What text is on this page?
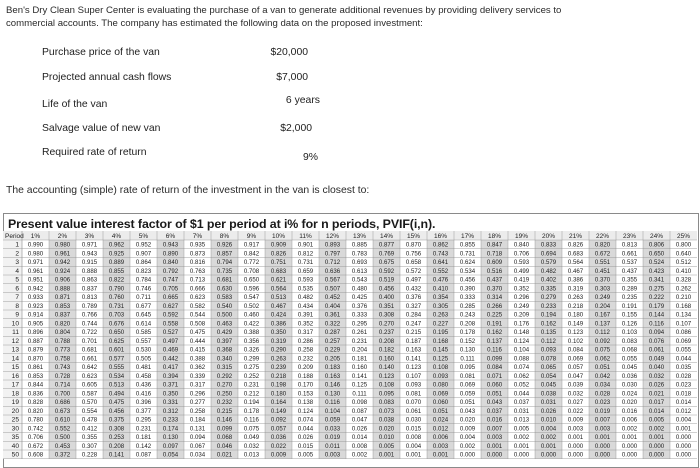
Ben's Dry Clean Super Center is evaluating the purchase of a van to generate additional revenues by providing delivery services to
commercial accounts. The company has estimated the following data on the proposed investment:
Purchase price of the van	$20,000
Projected annual cash flows	$7,000
Life of the van	6 years
Salvage value of new van	$2,000
Required rate of return	9%
The accounting (simple) rate of return of the investment in the van is closest to:
Present value interest factor of $1 per period at i% for n periods, PVIF(i,n).
Period 1%	2%	3%	4%	5%	6%	7%	8%	9% 10% 11% 12% 13% 14% 15% 16% 17% 18% 19% 20% 21% 22% 23% 24% 25%
1 0.990 0.980 0.971 0.962 0.952 0.943 0.935 0.926 0.917 0.909 0.901 0.893 0.885 0.877 0.870 0.862 0.855 0.847 0.840 0.833 0.826 0.820 0.813 0.806 0.800
2 0.980 0.961 0.943 0.925 0.907 0.890 0.873 0.857 0.842 0.826 0.812 0.797 0.783 0.769 0.756 0.743 0.731 0.718 0.706 0.694 0.683 0.672 0.661 0.650 0.640
3 0.971 0.942 0.915 0.889 0.864 0.840 0.816 0.794 0.772 0.751 0.731 0.712 0.693 0.675 0.658 0.641 0.624 0.609 0.593 0.579 0.564 0.551 0.537 0.524 0.512
4 0.961 0.924 0.888 0.855 0.823 0.792 0.763 0.735 0.708 0.683 0.659 0.636 0.613 0.592 0.572 0.552 0.534 0.516 0.499 0.482 0.467 0.451 0.437 0.423 0.410
5 0.951 0.906 0.863 0.822 0.784 0.747 0.713 0.681 0.650 0.621 0.593 0.567 0.543 0.519 0.497 0.476 0.456 0.437 0.419 0.402 0.386 0.370 0.355 0.341 0.328
6 0.942 0.888 0.837 0.790 0.746 0.705 0.666 0.630 0.596 0.564 0.535 0.507 0.480 0.456 0.432 0.410 0.390 0.370 0.352 0.335 0.319 0.303 0.289 0.275 0.262
7 0.933 0.871 0.813 0.760 0.711 0.665 0.623 0.583 0.547 0.513 0.482 0.452 0.425 0.400 0.376 0.354 0.333 0.314 0.296 0.279 0.263 0.249 0.235 0.222 0.210
8 0.923 0.853 0.789 0.731 0.677 0.627 0.582 0.540 0.502 0.467 0.434 0.404 0.376 0.351 0.327 0.305 0.285 0.266 0.249 0.233 0.218 0.204 0.191 0.179 0.168
9 0.914 0.837 0.766 0.703 0.645 0.592 0.544 0.500 0.460 0.424 0.391 0.361 0.333 0.308 0.284 0.263 0.243 0.225 0.209 0.194 0.180 0.167 0.155 0.144 0.134
10 0.905 0.820 0.744 0.676 0.614 0.558 0.508 0.463 0.422 0.386 0.352 0.322 0.295 0.270 0.247 0.227 0.208 0.191 0.176 0.162 0.149 0.137 0.126 0.116 0.107
11 0.896 0.804 0.722 0.650 0.585 0.527 0.475 0.429 0.388 0.350 0.317 0.287 0.261 0.237 0.215 0.195 0.178 0.162 0.148 0.135 0.123 0.112 0.103 0.094 0.086
12 0.887 0.788 0.701 0.625 0.557 0.497 0.444 0.397 0.356 0.319 0.286 0.257 0.231 0.208 0.187 0.168 0.152 0.137 0.124 0.112 0.102 0.092 0.083 0.076 0.069
13 0.879 0.773 0.681 0.601 0.530 0.469 0.415 0.368 0.326 0.290 0.258 0.229 0.204 0.182 0.163 0.145 0.130 0.116 0.104 0.093 0.084 0.075 0.068 0.061 0.055
14 0.870 0.758 0.661 0.577 0.505 0.442 0.388 0.340 0.299 0.263 0.232 0.205 0.181 0.160 0.141 0.125 0.111 0.099 0.088 0.078 0.069 0.062 0.055 0.049 0.044
15 0.861 0.743 0.642 0.555 0.481 0.417 0.362 0.315 0.275 0.239 0.209 0.183 0.160 0.140 0.123 0.108 0.095 0.084 0.074 0.065 0.057 0.051 0.045 0.040 0.035
16 0.853 0.728 0.623 0.534 0.458 0.394 0.339 0.292 0.252 0.218 0.188 0.163 0.141 0.123 0.107 0.093 0.081 0.071 0.062 0.054 0.047 0.042 0.036 0.032 0.028
17 0.844 0.714 0.605 0.513 0.436 0.371 0.317 0.270 0.231 0.198 0.170 0.146 0.125 0.108 0.093 0.080 0.069 0.060 0.052 0.045 0.039 0.034 0.030 0.026 0.023
18 0.836 0.700 0.587 0.494 0.416 0.350 0.296 0.250 0.212 0.180 0.153 0.130 0.111 0.095 0.081 0.069 0.059 0.051 0.044 0.038 0.032 0.028 0.024 0.021 0.018
19 0.828 0.686 0.570 0.475 0.396 0.331 0.277 0.232 0.194 0.164 0.138 0.116 0.098 0.083 0.070 0.060 0.051 0.043 0.037 0.031 0.027 0.023 0.020 0.017 0.014
20 0.820 0.673 0.554 0.456 0.377 0.312 0.258 0.215 0.178 0.149 0.124 0.104 0.087 0.073 0.061 0.051 0.043 0.037 0.031 0.026 0.022 0.019 0.016 0.014 0.012
25 0.780 0.610 0.478 0.375 0.295 0.233 0.184 0.146 0.116 0.092 0.074 0.059 0.047 0.038 0.030 0.024 0.020 0.016 0.013 0.010 0.009 0.007 0.006 0.005 0.004
30 0.742 0.552 0.412 0.308 0.231 0.174 0.131 0.099 0.075 0.057 0.044 0.033 0.026 0.020 0.015 0.012 0.009 0.007 0.005 0.004 0.003 0.003 0.002 0.002 0.001
35 0.706 0.500 0.355 0.253 0.181 0.130 0.094 0.068 0.049 0.036 0.026 0.019 0.014 0.010 0.008 0.006 0.004 0.003 0.002 0.002 0.001 0.001 0.001 0.001 0.000
40 0.672 0.453 0.307 0.208 0.142 0.097 0.067 0.046 0.032 0.022 0.015 0.011 0.008 0.005 0.004 0.003 0.002 0.001 0.001 0.001 0.000 0.000 0.000 0.000 0.000
50 0.608 0.372 0.228 0.141 0.087 0.054 0.034 0.021 0.013 0.009 0.005 0.003 0.002 0.001 0.001 0.001 0.000 0.000 0.000 0.000 0.000 0.000 0.000 0.000 0.000
